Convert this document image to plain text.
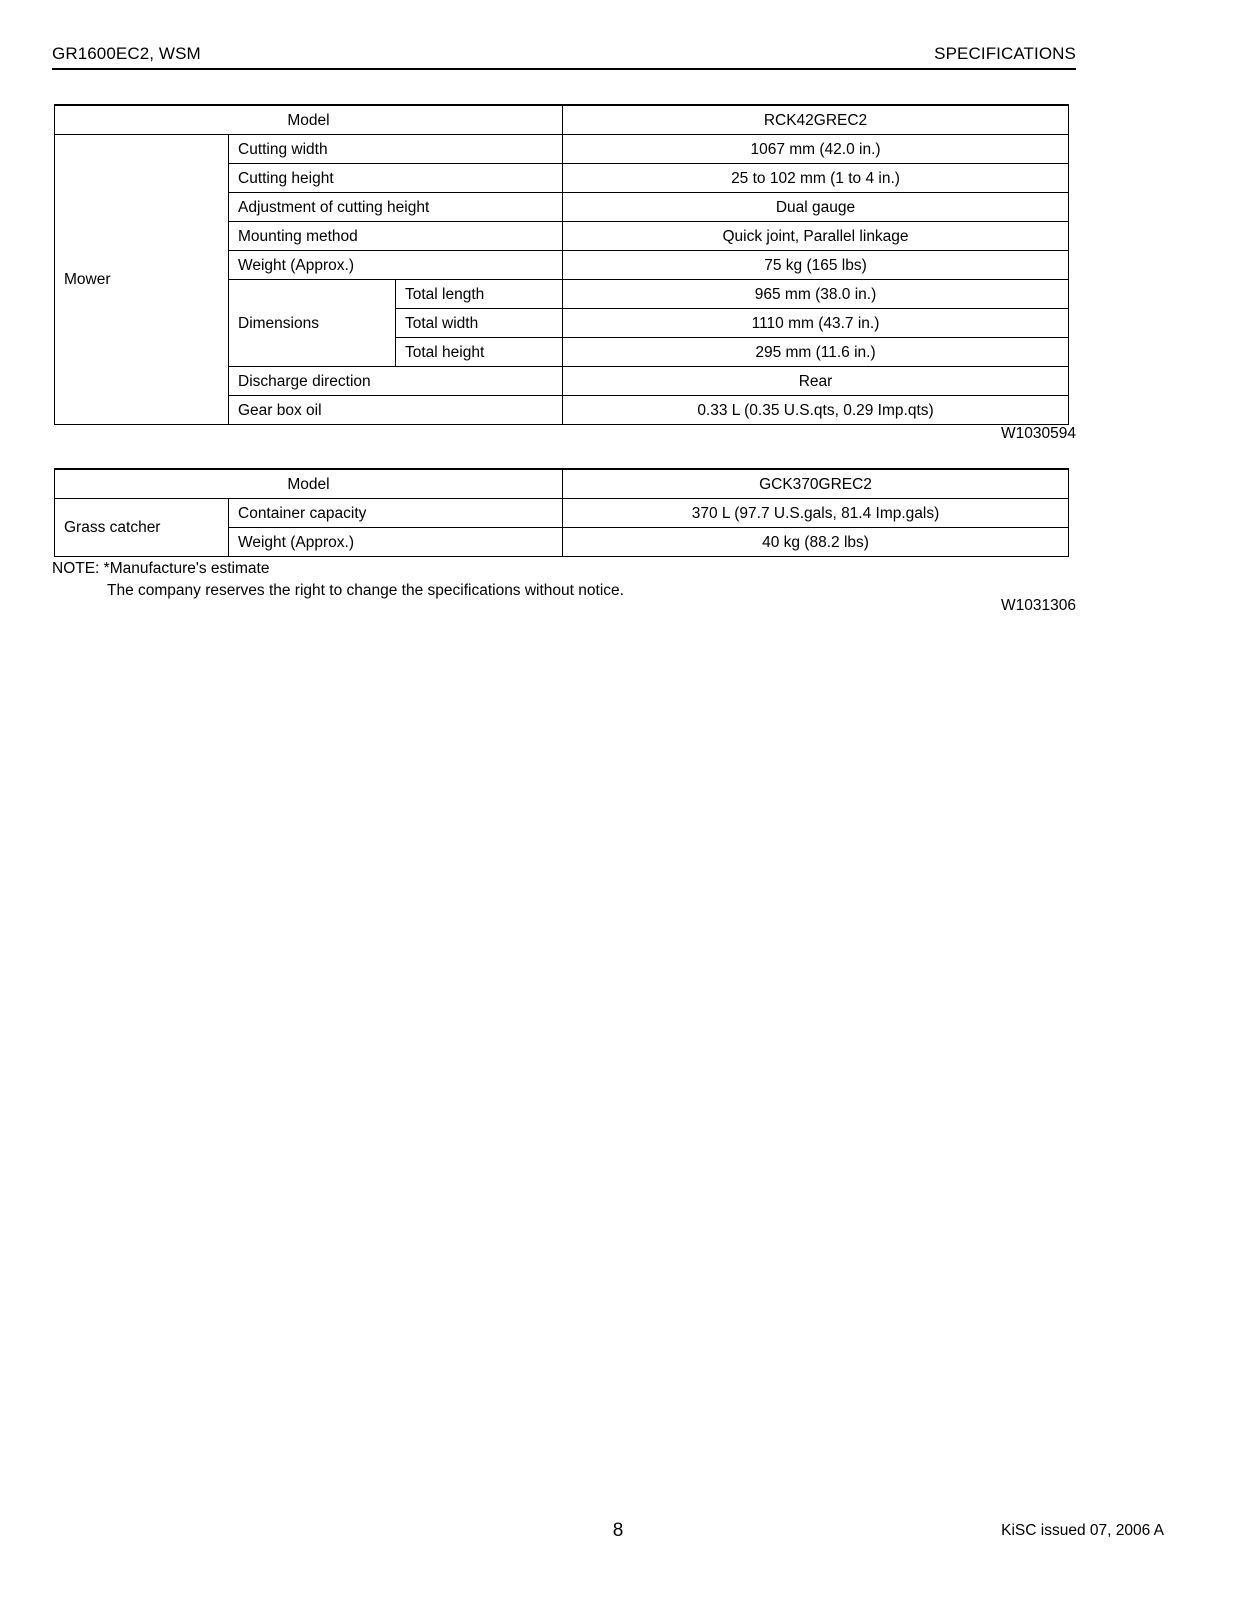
GR1600EC2, WSM	SPECIFICATIONS
Model			RCK42GREC2
Mower	Cutting width		1067 mm (42.0 in.)
	Cutting height		25 to 102 mm (1 to 4 in.)
	Adjustment of cutting height		Dual gauge
	Mounting method		Quick joint, Parallel linkage
	Weight (Approx.)		75 kg (165 lbs)
	Dimensions	Total length	965 mm (38.0 in.)
		Total width	1110 mm (43.7 in.)
		Total height	295 mm (11.6 in.)
	Discharge direction		Rear
	Gear box oil		0.33 L (0.35 U.S.qts, 0.29 Imp.qts)
W1030594
Model		GCK370GREC2
Grass catcher	Container capacity	370 L (97.7 U.S.gals, 81.4 Imp.gals)
	Weight (Approx.)	40 kg (88.2 lbs)
NOTE: *Manufacture's estimate
The company reserves the right to change the specifications without notice.
W1031306
8	KiSC issued 07, 2006 A
